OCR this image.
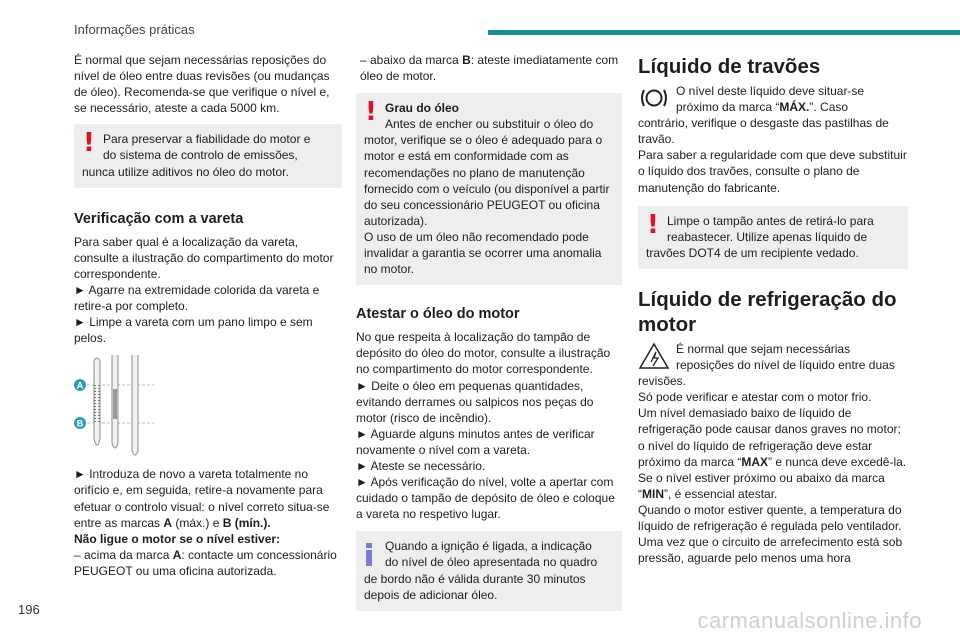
Informações práticas

É normal que sejam necessárias reposições do nível de óleo entre duas revisões (ou mudanças de óleo). Recomenda-se que verifique o nível e, se necessário, ateste a cada 5000 km.

! Para preservar a fiabilidade do motor e
do sistema de controlo de emissões,
nunca utilize aditivos no óleo do motor.
Verificação com a vareta

Para saber qual é a localização da vareta, consulte a ilustração do compartimento do motor correspondente.

► Agarre na extremidade colorida da vareta e retire-a por completo.

► Limpe a vareta com um pano limpo e sem pelos.

A
B

► Introduza de novo a vareta totalmente no orifício e, em seguida, retire-a novamente para efetuar o controlo visual: o nível correto situa-se entre as marcas A (máx.) e B (mín.).

Não ligue o motor se o nível estiver:

– acima da marca A: contacte um concessionário PEUGEOT ou uma oficina autorizada.

– abaixo da marca B: ateste imediatamente com óleo de motor.

! Grau do óleo
Antes de encher ou substituir o óleo do
motor, verifique se o óleo é adequado para o motor e está em conformidade com as recomendações no plano de manutenção fornecido com o veículo (ou disponível a partir do seu concessionário PEUGEOT ou oficina autorizada).
O uso de um óleo não recomendado pode invalidar a garantia se ocorrer uma anomalia no motor.
Atestar o óleo do motor

No que respeita à localização do tampão de depósito do óleo do motor, consulte a ilustração no compartimento do motor correspondente.

► Deite o óleo em pequenas quantidades, evitando derrames ou salpicos nos peças do motor (risco de incêndio).

► Aguarde alguns minutos antes de verificar novamente o nível com a vareta.

► Ateste se necessário.

► Após verificação do nível, volte a apertar com cuidado o tampão de depósito de óleo e coloque a vareta no respetivo lugar.

Quando a ignição é ligada, a indicação
do nível de óleo apresentada no quadro
de bordo não é válida durante 30 minutos depois de adicionar óleo.
Líquido de travões

O nível deste líquido deve situar-se

próximo da marca “MÁX.”. Caso

contrário, verifique o desgaste das pastilhas de travão.

Para saber a regularidade com que deve substituir o líquido dos travões, consulte o plano de manutenção do fabricante.

! Limpe o tampão antes de retirá-lo para
reabastecer. Utilize apenas líquido de
travões DOT4 de um recipiente vedado.
Líquido de refrigeração do
motor

É normal que sejam necessárias

reposições do nível de líquido entre duas

revisões.

Só pode verificar e atestar com o motor frio.

Um nível demasiado baixo de líquido de refrigeração pode causar danos graves no motor; o nível do líquido de refrigeração deve estar próximo da marca “MAX” e nunca deve excedê-la.

Se o nível estiver próximo ou abaixo da marca “MIN”, é essencial atestar.

Quando o motor estiver quente, a temperatura do líquido de refrigeração é regulada pelo ventilador.

Uma vez que o circuito de arrefecimento está sob pressão, aguarde pelo menos uma hora

196	carmanualsonline.info
